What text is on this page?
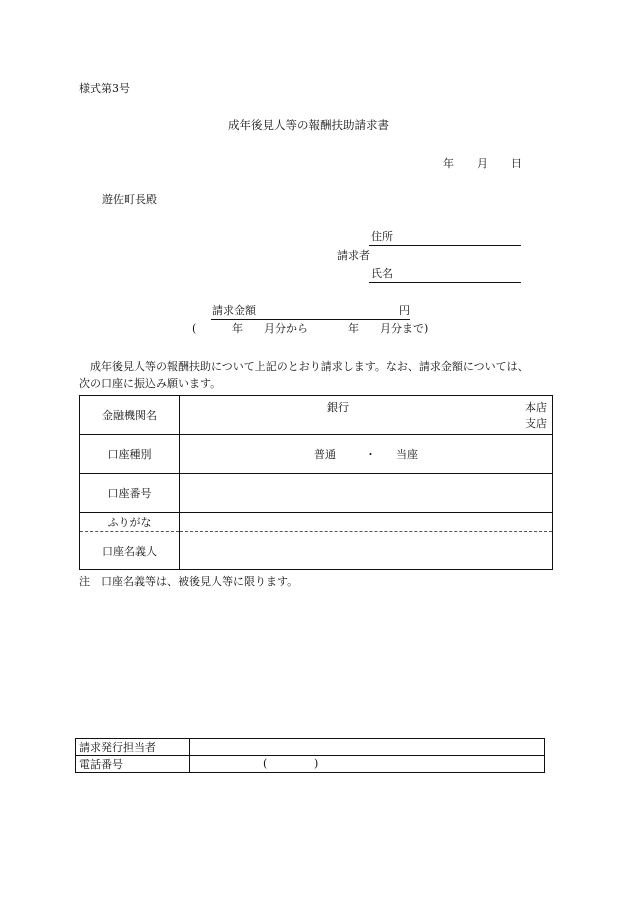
様式第3号
成年後見人等の報酬扶助請求書
年 月 日
遊佐町長殿
住所
請求者
氏名
請求金額	円
(	年 月分から	年 月分まで)
成年後見人等の報酬扶助について上記のとおり請求します。なお、請求金額については、
次の口座に振込み願います。
金融機関名	銀行 本店
支店

口座種別	普通 ・ 当座

口座番号	
ふりがな	
口座名義人	
注　口座名義等は、被後見人等に限ります。
請求発行担当者	
電話番号	( )
